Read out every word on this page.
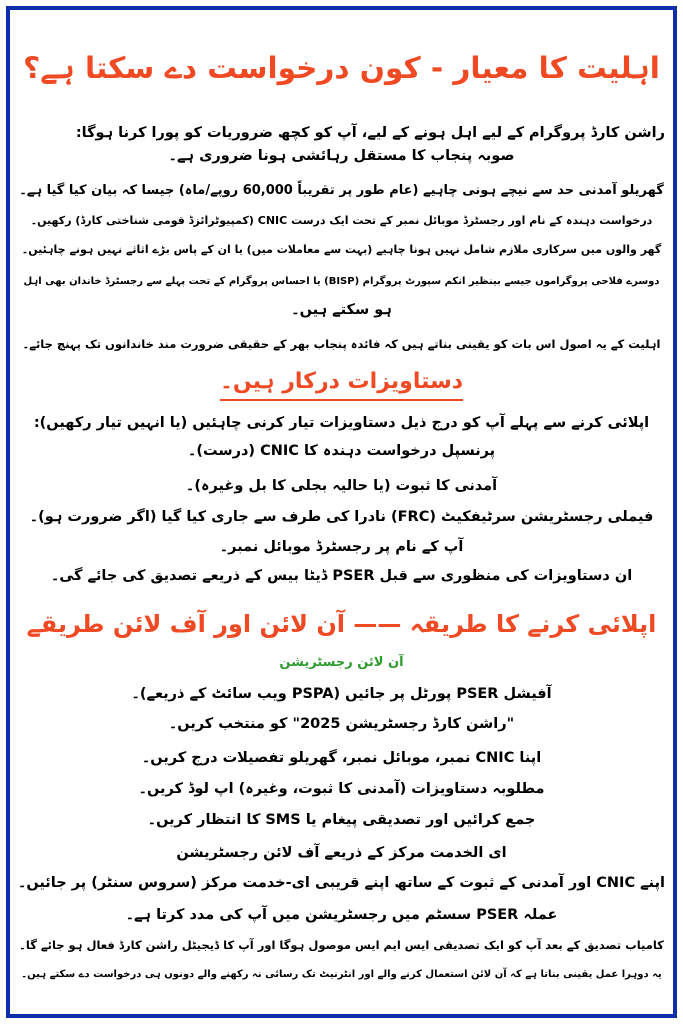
اہلیت کا معیار - کون درخواست دے سکتا ہے؟
راشن کارڈ پروگرام کے لیے اہل ہونے کے لیے، آپ کو کچھ ضروریات کو پورا کرنا ہوگا:
صوبہ پنجاب کا مستقل رہائشی ہونا ضروری ہے۔
گھریلو آمدنی حد سے نیچے ہونی چاہیے (عام طور پر تقریباً 60,000 روپے/ماہ) جیسا کہ بیان کیا گیا ہے۔
درخواست دہندہ کے نام اور رجسٹرڈ موبائل نمبر کے تحت ایک درست CNIC (کمپیوٹرائزڈ قومی شناختی کارڈ) رکھیں۔
گھر والوں میں سرکاری ملازم شامل نہیں ہونا چاہیے (بہت سے معاملات میں) یا ان کے پاس بڑے اثاثے نہیں ہونے چاہئیں۔
دوسرے فلاحی پروگراموں جیسے بینظیر انکم سپورٹ پروگرام (BISP) یا احساس پروگرام کے تحت پہلے سے رجسٹرڈ خاندان بھی اہل
ہو سکتے ہیں۔
اہلیت کے یہ اصول اس بات کو یقینی بناتے ہیں کہ فائدہ پنجاب بھر کے حقیقی ضرورت مند خاندانوں تک پہنچ جائے۔
دستاویزات درکار ہیں۔
اپلائی کرنے سے پہلے آپ کو درج ذیل دستاویزات تیار کرنی چاہئیں (یا انہیں تیار رکھیں):
پرنسپل درخواست دہندہ کا CNIC (درست)۔
آمدنی کا ثبوت (یا حالیہ بجلی کا بل وغیرہ)۔
فیملی رجسٹریشن سرٹیفکیٹ (FRC) نادرا کی طرف سے جاری کیا گیا (اگر ضرورت ہو)۔
آپ کے نام پر رجسٹرڈ موبائل نمبر۔
ان دستاویزات کی منظوری سے قبل PSER ڈیٹا بیس کے ذریعے تصدیق کی جائے گی۔
اپلائی کرنے کا طریقہ —— آن لائن اور آف لائن طریقے
آن لائن رجسٹریشن
آفیشل PSER پورٹل پر جائیں (PSPA ویب سائٹ کے ذریعے)۔
"راشن کارڈ رجسٹریشن 2025" کو منتخب کریں۔
اپنا CNIC نمبر، موبائل نمبر، گھریلو تفصیلات درج کریں۔
مطلوبہ دستاویزات (آمدنی کا ثبوت، وغیرہ) اپ لوڈ کریں۔
جمع کرائیں اور تصدیقی پیغام یا SMS کا انتظار کریں۔
ای الخدمت مرکز کے ذریعے آف لائن رجسٹریشن
اپنے CNIC اور آمدنی کے ثبوت کے ساتھ اپنے قریبی ای-خدمت مرکز (سروس سنٹر) پر جائیں۔
عملہ PSER سسٹم میں رجسٹریشن میں آپ کی مدد کرتا ہے۔
کامیاب تصدیق کے بعد آپ کو ایک تصدیقی ایس ایم ایس موصول ہوگا اور آپ کا ڈیجیٹل راشن کارڈ فعال ہو جائے گا۔
یہ دوہرا عمل یقینی بناتا ہے کہ آن لائن استعمال کرنے والے اور انٹرنیٹ تک رسائی نہ رکھنے والے دونوں ہی درخواست دے سکتے ہیں۔
